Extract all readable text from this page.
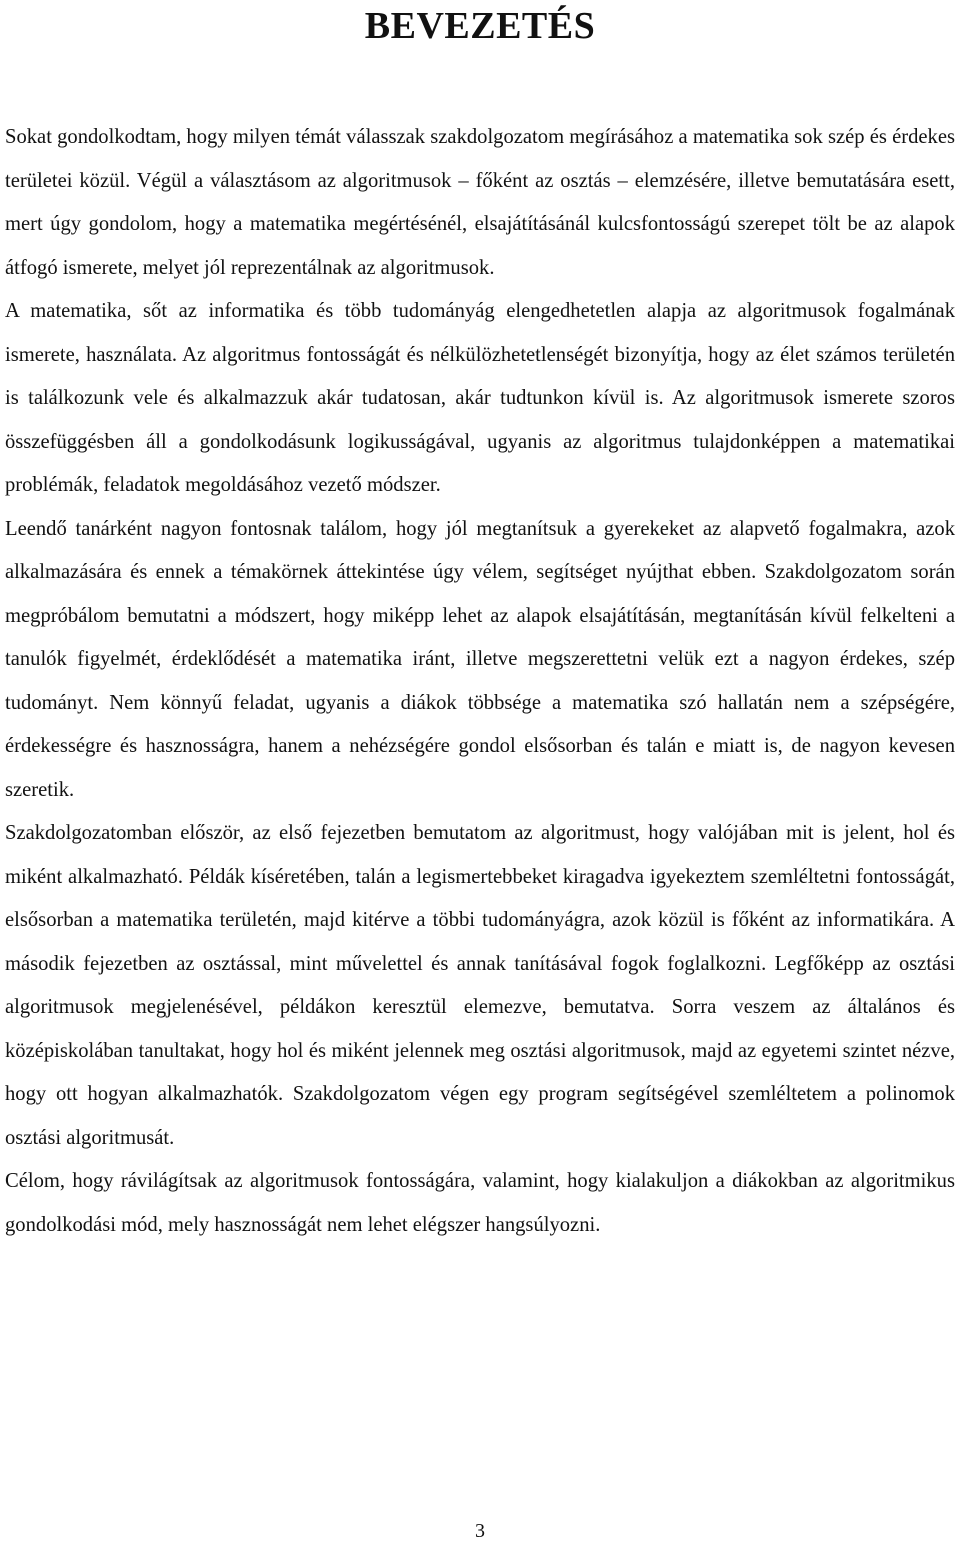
BEVEZETÉS

Sokat gondolkodtam, hogy milyen témát válasszak szakdolgozatom megírásához a matematika sok szép és érdekes területei közül. Végül a választásom az algoritmusok – főként az osztás – elemzésére, illetve bemutatására esett, mert úgy gondolom, hogy a matematika megértésénél, elsajátításánál kulcsfontosságú szerepet tölt be az alapok átfogó ismerete, melyet jól reprezentálnak az algoritmusok.

A matematika, sőt az informatika és több tudományág elengedhetetlen alapja az algoritmusok fogalmának ismerete, használata. Az algoritmus fontosságát és nélkülözhetetlenségét bizonyítja, hogy az élet számos területén is találkozunk vele és alkalmazzuk akár tudatosan, akár tudtunkon kívül is. Az algoritmusok ismerete szoros összefüggésben áll a gondolkodásunk logikusságával, ugyanis az algoritmus tulajdonképpen a matematikai problémák, feladatok megoldásához vezető módszer.

Leendő tanárként nagyon fontosnak találom, hogy jól megtanítsuk a gyerekeket az alapvető fogalmakra, azok alkalmazására és ennek a témakörnek áttekintése úgy vélem, segítséget nyújthat ebben. Szakdolgozatom során megpróbálom bemutatni a módszert, hogy miképp lehet az alapok elsajátításán, megtanításán kívül felkelteni a tanulók figyelmét, érdeklődését a matematika iránt, illetve megszerettetni velük ezt a nagyon érdekes, szép tudományt. Nem könnyű feladat, ugyanis a diákok többsége a matematika szó hallatán nem a szépségére, érdekességre és hasznosságra, hanem a nehézségére gondol elsősorban és talán e miatt is, de nagyon kevesen szeretik.

Szakdolgozatomban először, az első fejezetben bemutatom az algoritmust, hogy valójában mit is jelent, hol és miként alkalmazható. Példák kíséretében, talán a legismertebbeket kiragadva igyekeztem szemléltetni fontosságát, elsősorban a matematika területén, majd kitérve a többi tudományágra, azok közül is főként az informatikára. A második fejezetben az osztással, mint művelettel és annak tanításával fogok foglalkozni. Legfőképp az osztási algoritmusok megjelenésével, példákon keresztül elemezve, bemutatva. Sorra veszem az általános és középiskolában tanultakat, hogy hol és miként jelennek meg osztási algoritmusok, majd az egyetemi szintet nézve, hogy ott hogyan alkalmazhatók. Szakdolgozatom végen egy program segítségével szemléltetem a polinomok osztási algoritmusát.

Célom, hogy rávilágítsak az algoritmusok fontosságára, valamint, hogy kialakuljon a diákokban az algoritmikus gondolkodási mód, mely hasznosságát nem lehet elégszer hangsúlyozni.

3
